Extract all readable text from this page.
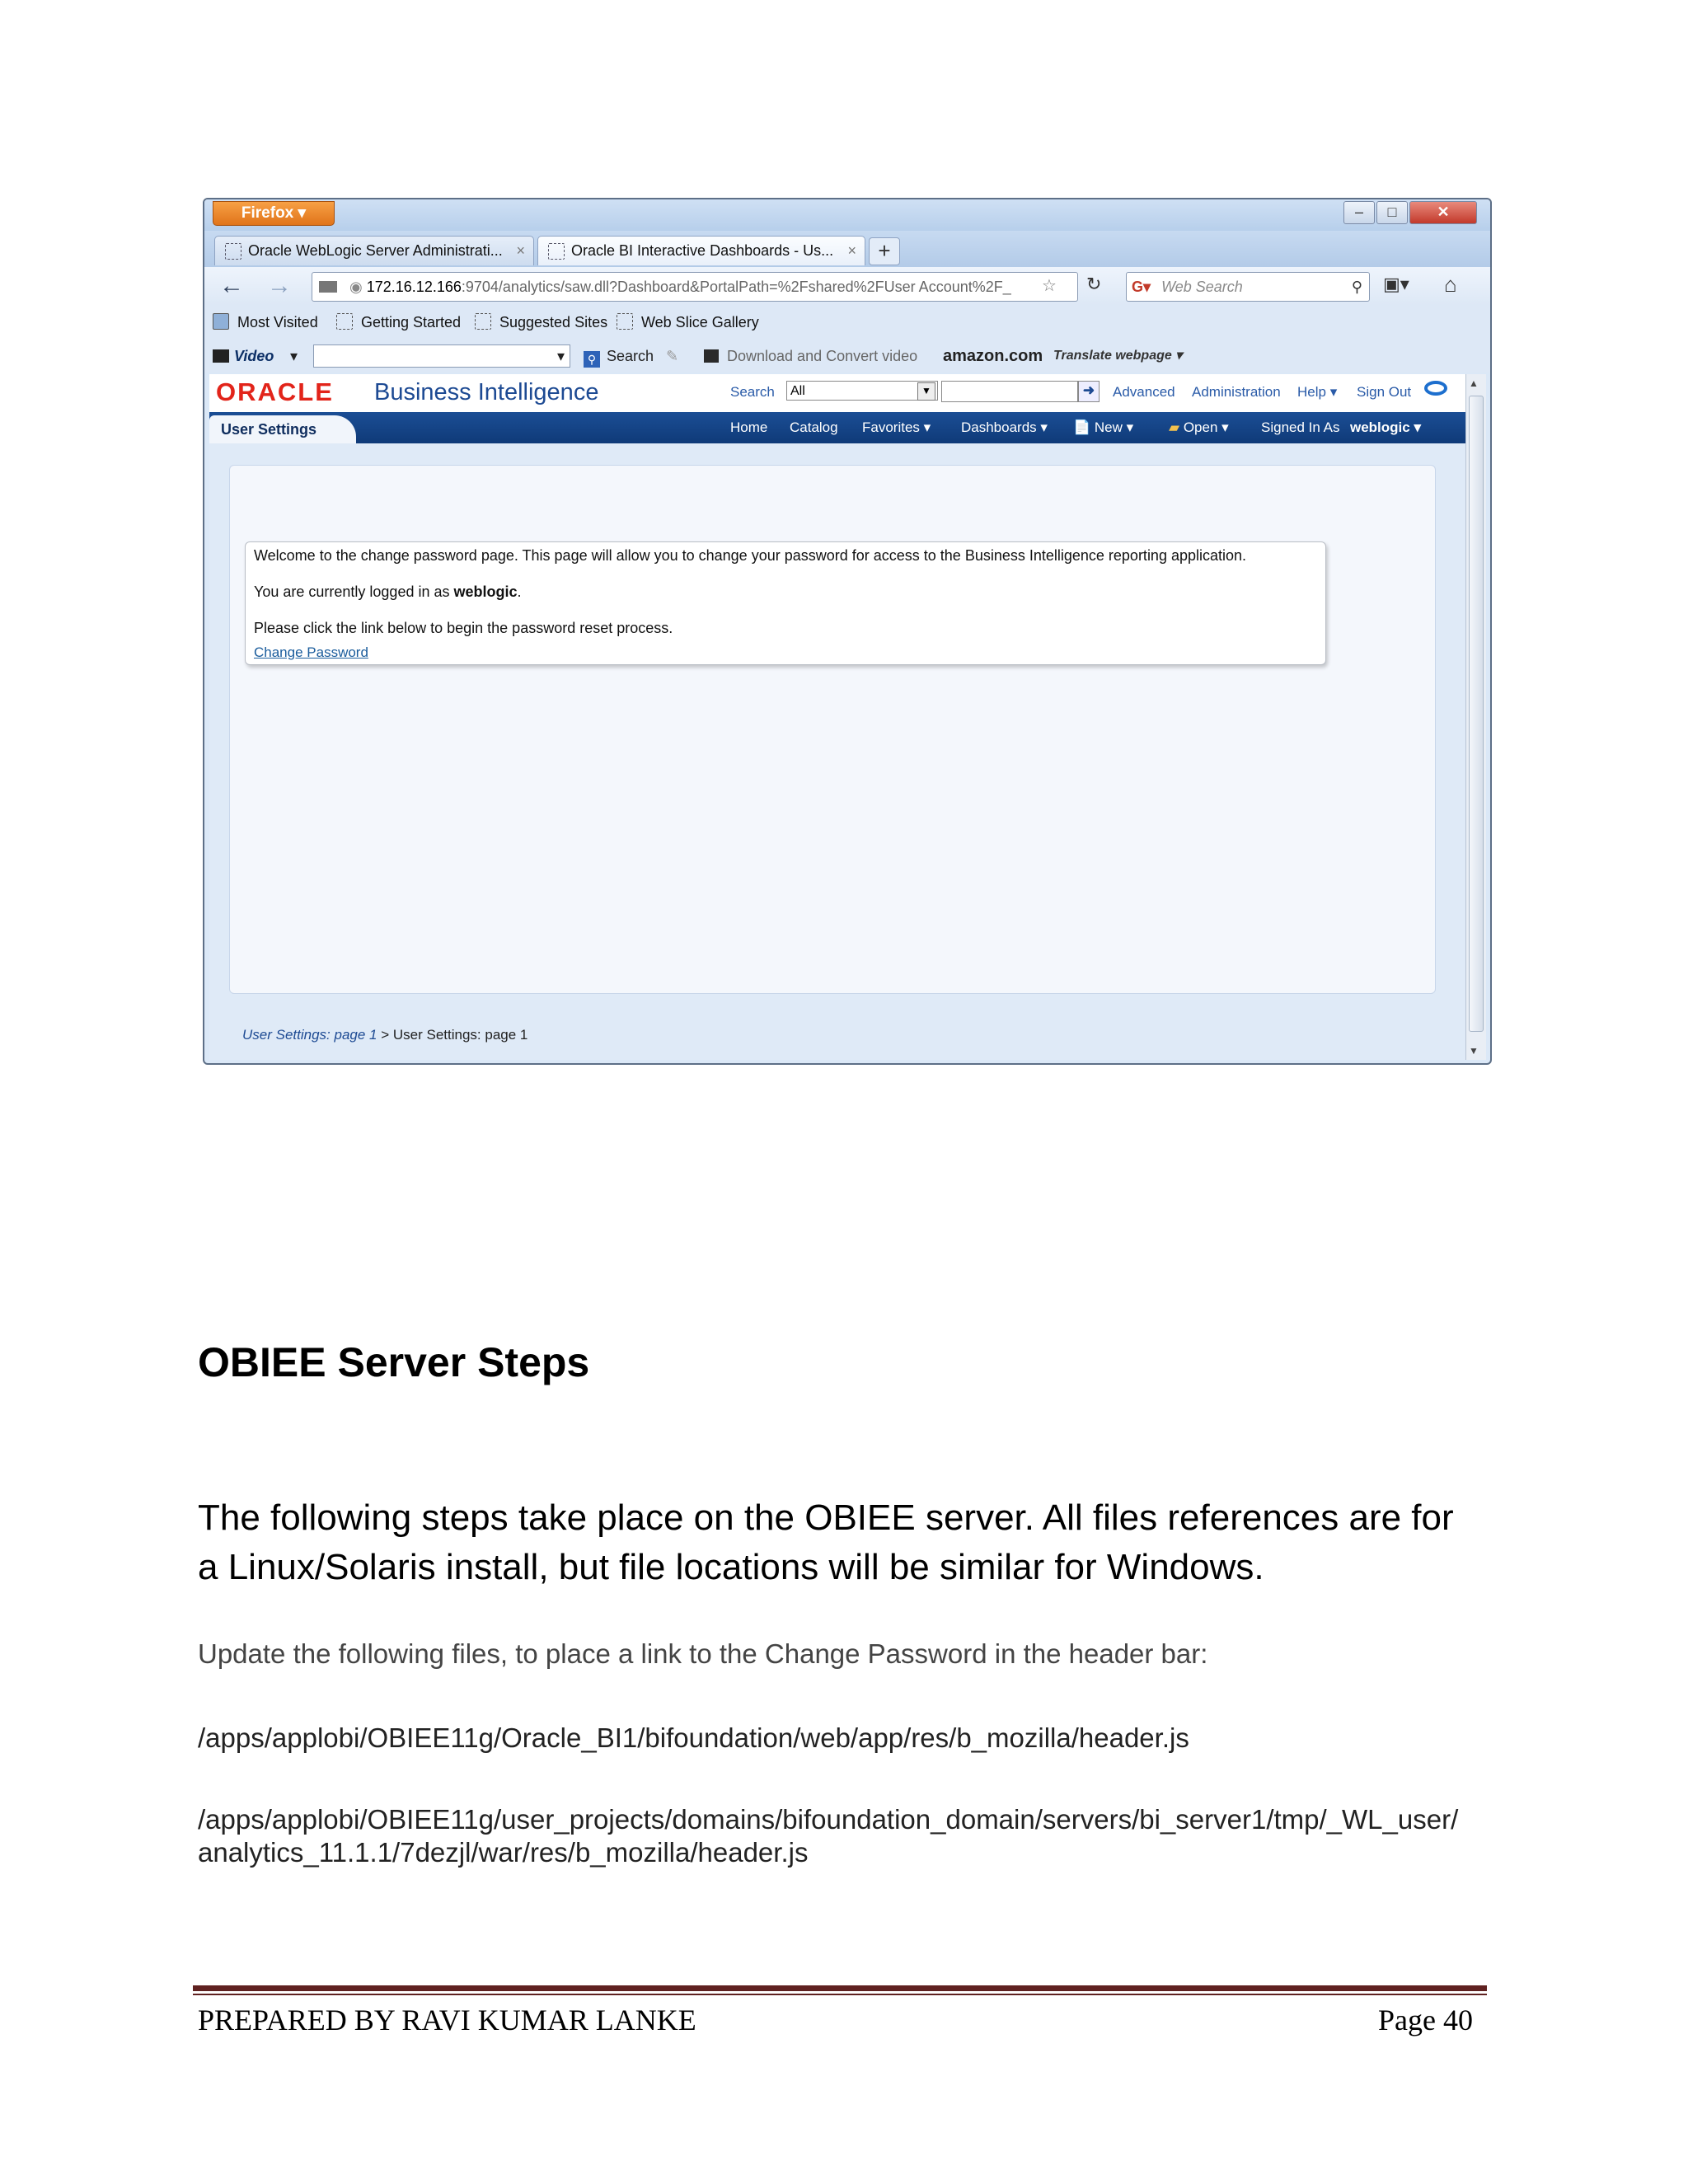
Firefox ▾	–	□	✕
Oracle WebLogic Server Administrati... ×	Oracle BI Interactive Dashboards - Us... ×	+
← →	◉ 172.16.12.166:9704/analytics/saw.dll?Dashboard&PortalPath=%2Fshared%2FUser Account%2F_	☆ ↻	G▾ Web Search	⚲ ▣▾ ⌂
Most Visited	Getting Started	Suggested Sites	Web Slice Gallery
Video ▾	▾	⚲ Search ✎	Download and Convert video amazon.com Translate webpage ▾
ORACLE Business Intelligence	Search	All	▼	➜	Advanced Administration Help ▾ Sign Out
User Settings	Home Catalog Favorites ▾ Dashboards ▾ 📄 New ▾	▰ Open ▾ Signed In As weblogic ▾
Welcome to the change password page. This page will allow you to change your password for access to the Business Intelligence reporting application.
You are currently logged in as weblogic.
Please click the link below to begin the password reset process.
Change Password
User Settings: page 1 > User Settings: page 1
▲
▼
OBIEE Server Steps
The following steps take place on the OBIEE server. All files references are for a Linux/Solaris install, but file locations will be similar for Windows.
Update the following files, to place a link to the Change Password in the header bar:
/apps/applobi/OBIEE11g/Oracle_BI1/bifoundation/web/app/res/b_mozilla/header.js
/apps/applobi/OBIEE11g/user_projects/domains/bifoundation_domain/servers/bi_server1/tmp/_WL_user/
analytics_11.1.1/7dezjl/war/res/b_mozilla/header.js
PREPARED BY RAVI KUMAR LANKE	Page 40
